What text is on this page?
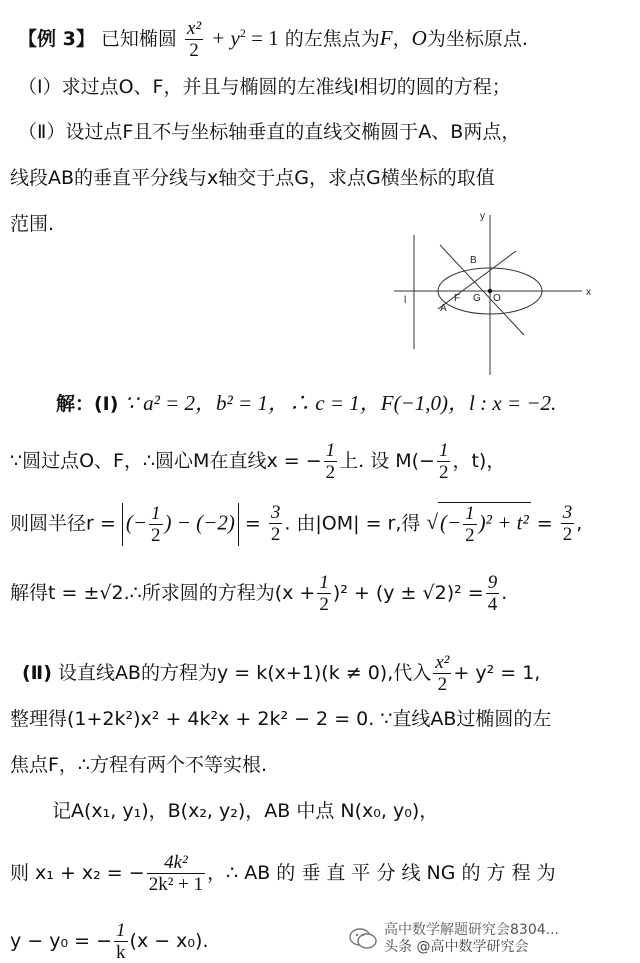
【例 3】 已知椭圆 $\frac{\text{x²}}{2} + y^2 = 1$ 的左焦点为F，O为坐标原点.
（Ⅰ）求过点O、F，并且与椭圆的左准线l相切的圆的方程；
（Ⅱ）设过点F且不与坐标轴垂直的直线交椭圆于A、B两点，
线段AB的垂直平分线与x轴交于点G，求点G横坐标的取值
范围.
x
y
B
F G O
A
l
解：(Ⅰ) ∵ a² = 2，b² = 1，∴ c = 1，F(−1,0)，l : x = −2.
∵圆过点O、F，∴圆心M在直线x = − $\frac{1}{2}$ 上. 设 $M(- \frac{1}{2}$ ，t)，
则圆半径r = (− $\frac{1}{2}$ ) − $(-2) = \frac{3}{2}$ . 由|OM| = r,得 √(− $\frac{1}{2} )^2 + t^2 = \frac{3}{2}$ ,
解得t = ±√2.∴所求圆的方程为$(x + \frac{1}{2} )^2 + (y \pm √2)^2 = \frac{9}{4}$ .
(Ⅱ) 设直线AB的方程为y = k(x+1)(k ≠ 0),代入 $\frac{\text{x²}}{2} + y^2 = 1$,
整理得(1+2k²)x² + 4k²x + 2k² − 2 = 0. ∵直线AB过椭圆的左
焦点F，∴方程有两个不等实根.
记A(x₁, y₁)，B(x₂, y₂)，AB 中点 N(x₀, y₀)，
则 x₁ + x₂ = − $\frac{\text{4k²}}{\text{2k² + 1}}$ ，∴ AB 的 垂 直 平 分 线 NG 的 方 程 为
y − y₀ = − $\frac{1}{k} (x - x_0)$.
高中数学解题研究会8304...
头条 @高中数学研究会
